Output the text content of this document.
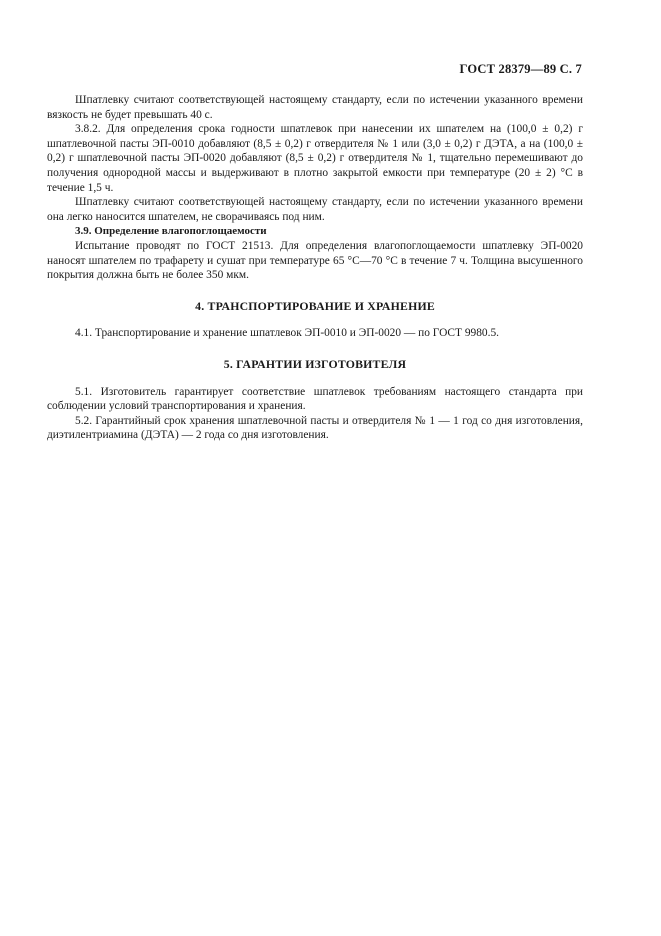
ГОСТ 28379—89 С. 7

Шпатлевку считают соответствующей настоящему стандарту, если по истечении указанного времени вязкость не будет превышать 40 с.

3.8.2. Для определения срока годности шпатлевок при нанесении их шпателем на (100,0 ± 0,2) г шпатлевочной пасты ЭП-0010 добавляют (8,5 ± 0,2) г отвердителя № 1 или (3,0 ± 0,2) г ДЭТА, а на (100,0 ± 0,2) г шпатлевочной пасты ЭП-0020 добавляют (8,5 ± 0,2) г отвердителя № 1, тщательно перемешивают до получения однородной массы и выдерживают в плотно закрытой емкости при температуре (20 ± 2) °С в течение 1,5 ч.

Шпатлевку считают соответствующей настоящему стандарту, если по истечении указанного времени она легко наносится шпателем, не сворачиваясь под ним.

3.9. Определение влагопоглощаемости

Испытание проводят по ГОСТ 21513. Для определения влагопоглощаемости шпатлевку ЭП-0020 наносят шпателем по трафарету и сушат при температуре 65 °С—70 °С в течение 7 ч. Толщина высушенного покрытия должна быть не более 350 мкм.

4. ТРАНСПОРТИРОВАНИЕ И ХРАНЕНИЕ

4.1. Транспортирование и хранение шпатлевок ЭП-0010 и ЭП-0020 — по ГОСТ 9980.5.

5. ГАРАНТИИ ИЗГОТОВИТЕЛЯ

5.1. Изготовитель гарантирует соответствие шпатлевок требованиям настоящего стандарта при соблюдении условий транспортирования и хранения.

5.2. Гарантийный срок хранения шпатлевочной пасты и отвердителя № 1 — 1 год со дня изготовления, диэтилентриамина (ДЭТА) — 2 года со дня изготовления.
